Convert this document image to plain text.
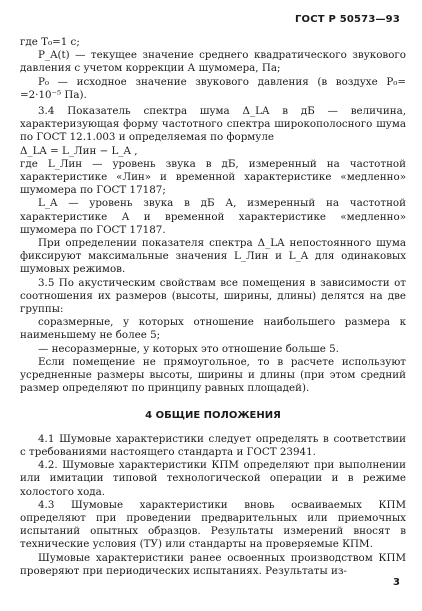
ГОСТ Р 50573—93

где T₀=1 с;

P_A(t) — текущее значение среднего квадратического звукового давления с учетом коррекции А шумомера, Па;

P₀ — исходное значение звукового давления (в воздухе P₀= =2·10⁻⁵ Па).

3.4 Показатель спектра шума Δ_LA в дБ — величина, характеризующая форму частотного спектра широкополосного шума по ГОСТ 12.1.003 и определяемая по формуле

Δ_LA = L_Лин − L_A ,

где L_Лин — уровень звука в дБ, измеренный на частотной характеристике «Лин» и временной характеристике «медленно» шумомера по ГОСТ 17187;

L_A — уровень звука в дБ А, измеренный на частотной характеристике А и временной характеристике «медленно» шумомера по ГОСТ 17187.

При определении показателя спектра Δ_LA непостоянного шума фиксируют максимальные значения L_Лин и L_A для одинаковых шумовых режимов.

3.5 По акустическим свойствам все помещения в зависимости от соотношения их размеров (высоты, ширины, длины) делятся на две группы:

соразмерные, у которых отношение наибольшего размера к наименьшему не более 5;

— несоразмерные, у которых это отношение больше 5.

Если помещение не прямоугольное, то в расчете используют усредненные размеры высоты, ширины и длины (при этом средний размер определяют по принципу равных площадей).

4 ОБЩИЕ ПОЛОЖЕНИЯ

4.1 Шумовые характеристики следует определять в соответствии с требованиями настоящего стандарта и ГОСТ 23941.

4.2. Шумовые характеристики КПМ определяют при выполнении или имитации типовой технологической операции и в режиме холостого хода.

4.3 Шумовые характеристики вновь осваиваемых КПМ определяют при проведении предварительных или приемочных испытаний опытных образцов. Результаты измерений вносят в технические условия (ТУ) или стандарты на проверяемые КПМ.

Шумовые характеристики ранее освоенных производством КПМ проверяют при периодических испытаниях. Результаты из-

3
